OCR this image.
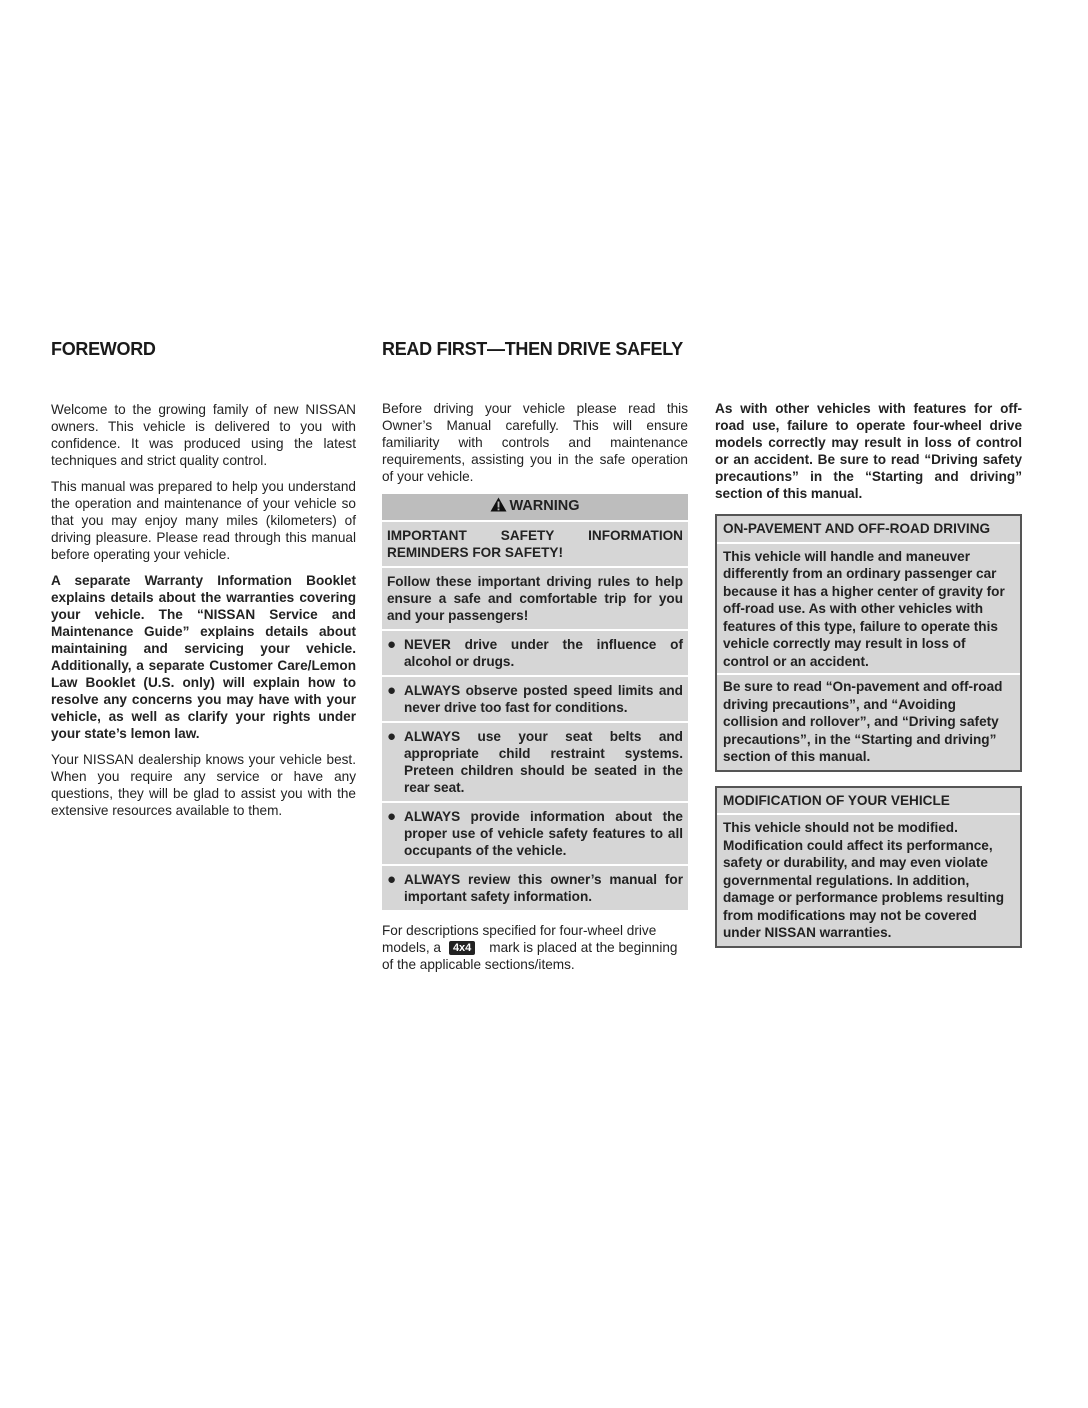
FOREWORD	READ FIRST—THEN DRIVE SAFELY

Welcome to the growing family of new NISSAN owners. This vehicle is delivered to you with confidence. It was produced using the latest techniques and strict quality control.

This manual was prepared to help you understand the operation and maintenance of your vehicle so that you may enjoy many miles (kilometers) of driving pleasure. Please read through this manual before operating your vehicle.

A separate Warranty Information Booklet explains details about the warranties covering your vehicle. The “NISSAN Service and Maintenance Guide” explains details about maintaining and servicing your vehicle. Additionally, a separate Customer Care/Lemon Law Booklet (U.S. only) will explain how to resolve any concerns you may have with your vehicle, as well as clarify your rights under your state’s lemon law.

Your NISSAN dealership knows your vehicle best. When you require any service or have any questions, they will be glad to assist you with the extensive resources available to them.

Before driving your vehicle please read this Owner’s Manual carefully. This will ensure familiarity with controls and maintenance requirements, assisting you in the safe operation of your vehicle.

WARNING
IMPORTANT SAFETY INFORMATION REMINDERS FOR SAFETY!
Follow these important driving rules to help ensure a safe and comfortable trip for you and your passengers!
● NEVER drive under the influence of alcohol or drugs.
● ALWAYS observe posted speed limits and never drive too fast for conditions.
● ALWAYS use your seat belts and appropriate child restraint systems. Preteen children should be seated in the rear seat.
● ALWAYS provide information about the proper use of vehicle safety features to all occupants of the vehicle.
● ALWAYS review this owner’s manual for important safety information.

For descriptions specified for four-wheel drive models, a 4x4 mark is placed at the beginning of the applicable sections/items.

As with other vehicles with features for off-road use, failure to operate four-wheel drive models correctly may result in loss of control or an accident. Be sure to read “Driving safety precautions” in the “Starting and driving” section of this manual.

ON-PAVEMENT AND OFF-ROAD DRIVING

This vehicle will handle and maneuver differently from an ordinary passenger car because it has a higher center of gravity for off-road use. As with other vehicles with features of this type, failure to operate this vehicle correctly may result in loss of control or an accident.

Be sure to read “On-pavement and off-road driving precautions”, and “Avoiding collision and rollover”, and “Driving safety precautions”, in the “Starting and driving” section of this manual.

MODIFICATION OF YOUR VEHICLE

This vehicle should not be modified. Modification could affect its performance, safety or durability, and may even violate governmental regulations. In addition, damage or performance problems resulting from modifications may not be covered under NISSAN warranties.
